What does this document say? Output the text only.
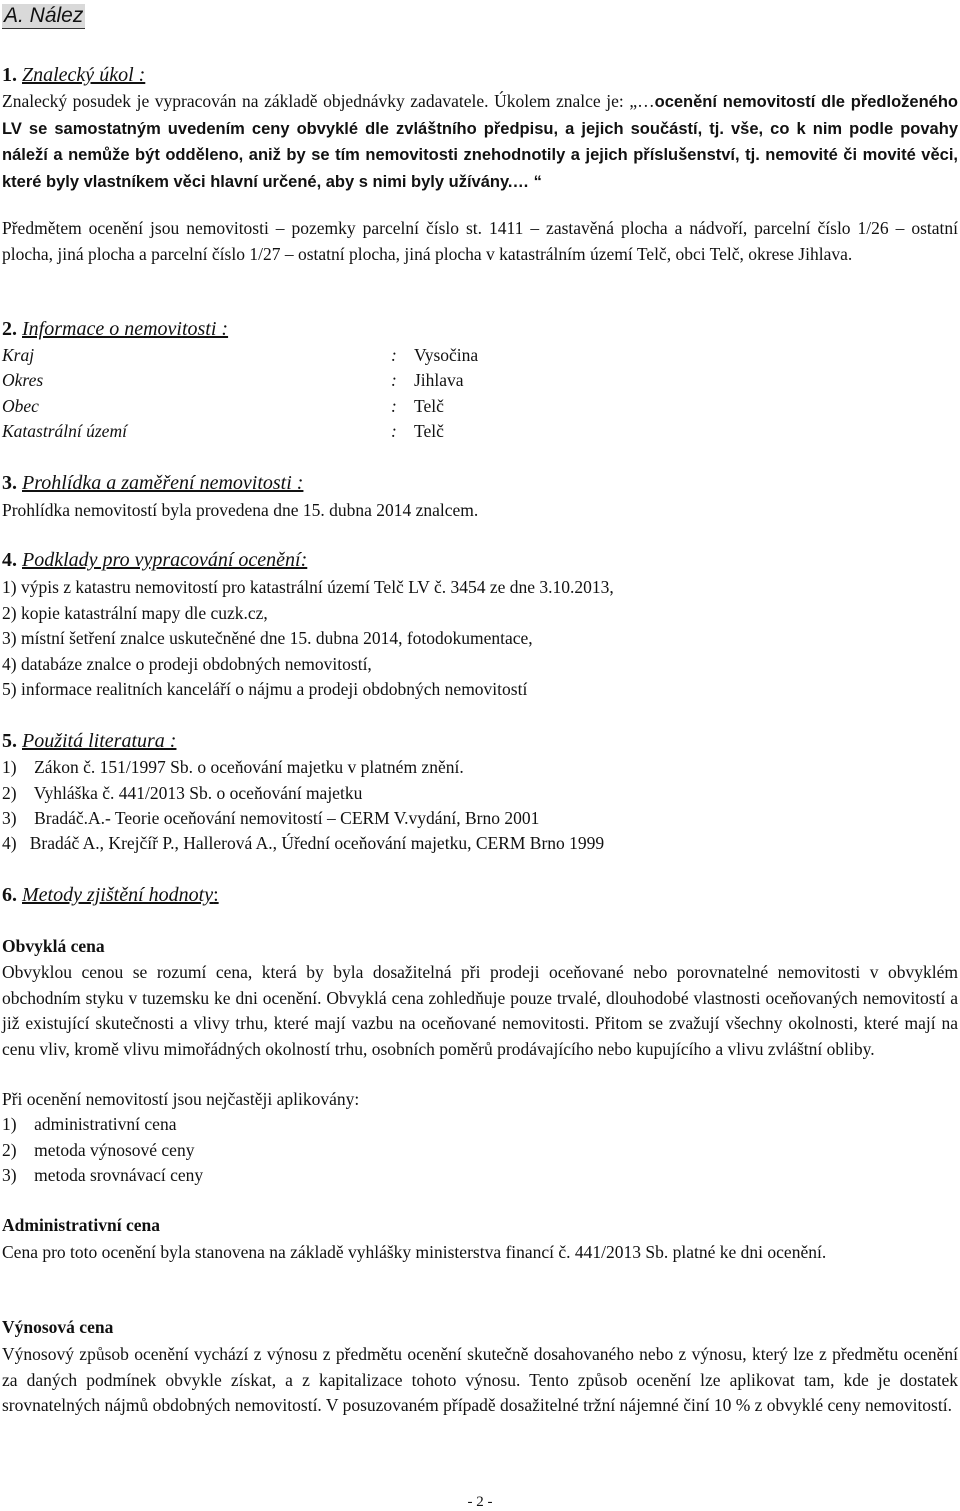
A. Nález
1. Znalecký úkol :
Znalecký posudek je vypracován na základě objednávky zadavatele. Úkolem znalce je: „…ocenění nemovitostí dle předloženého LV se samostatným uvedením ceny obvyklé dle zvláštního předpisu, a jejich součástí, tj. vše, co k nim podle povahy náleží a nemůže být odděleno, aniž by se tím nemovitosti znehodnotily a jejich příslušenství, tj. nemovité či movité věci, které byly vlastníkem věci hlavní určené, aby s nimi byly užívány.… “
Předmětem ocenění jsou nemovitosti – pozemky parcelní číslo st. 1411 – zastavěná plocha a nádvoří, parcelní číslo 1/26 – ostatní plocha, jiná plocha a parcelní číslo 1/27 – ostatní plocha, jiná plocha v katastrálním území Telč, obci Telč, okrese Jihlava.
2. Informace o nemovitosti :
Kraj	: Vysočina
Okres	: Jihlava
Obec	: Telč
Katastrální území	: Telč
3. Prohlídka a zaměření nemovitosti :
Prohlídka nemovitostí byla provedena dne 15. dubna 2014 znalcem.
4. Podklady pro vypracování ocenění:
1) výpis z katastru nemovitostí pro katastrální území Telč LV č. 3454 ze dne 3.10.2013,
2) kopie katastrální mapy dle cuzk.cz,
3) místní šetření znalce uskutečněné dne 15. dubna 2014, fotodokumentace,
4) databáze znalce o prodeji obdobných nemovitostí,
5) informace realitních kanceláří o nájmu a prodeji obdobných nemovitostí
5. Použitá literatura :
1)    Zákon č. 151/1997 Sb. o oceňování majetku v platném znění.
2)    Vyhláška č. 441/2013 Sb. o oceňování majetku
3)    Bradáč.A.- Teorie oceňování nemovitostí – CERM V.vydání, Brno 2001
4)   Bradáč A., Krejčíř P., Hallerová A., Úřední oceňování majetku, CERM Brno 1999
6. Metody zjištění hodnoty:
Obvyklá cena
Obvyklou cenou se rozumí cena, která by byla dosažitelná při prodeji oceňované nebo porovnatelné nemovitosti v obvyklém obchodním styku v tuzemsku ke dni ocenění. Obvyklá cena zohledňuje pouze trvalé, dlouhodobé vlastnosti oceňovaných nemovitostí a již existující skutečnosti a vlivy trhu, které mají vazbu na oceňované nemovitosti. Přitom se zvažují všechny okolnosti, které mají na cenu vliv, kromě vlivu mimořádných okolností trhu, osobních poměrů prodávajícího nebo kupujícího a vlivu zvláštní obliby.
Při ocenění nemovitostí jsou nejčastěji aplikovány:
1)    administrativní cena
2)    metoda výnosové ceny
3)    metoda srovnávací ceny
Administrativní cena
Cena pro toto ocenění byla stanovena na základě vyhlášky ministerstva financí č. 441/2013 Sb. platné ke dni ocenění.
Výnosová cena
Výnosový způsob ocenění vychází z výnosu z předmětu ocenění skutečně dosahovaného nebo z výnosu, který lze z předmětu ocenění za daných podmínek obvykle získat, a z kapitalizace tohoto výnosu. Tento způsob ocenění lze aplikovat tam, kde je dostatek srovnatelných nájmů obdobných nemovitostí. V posuzovaném případě dosažitelné tržní nájemné činí 10 % z obvyklé ceny nemovitostí.
- 2 -
